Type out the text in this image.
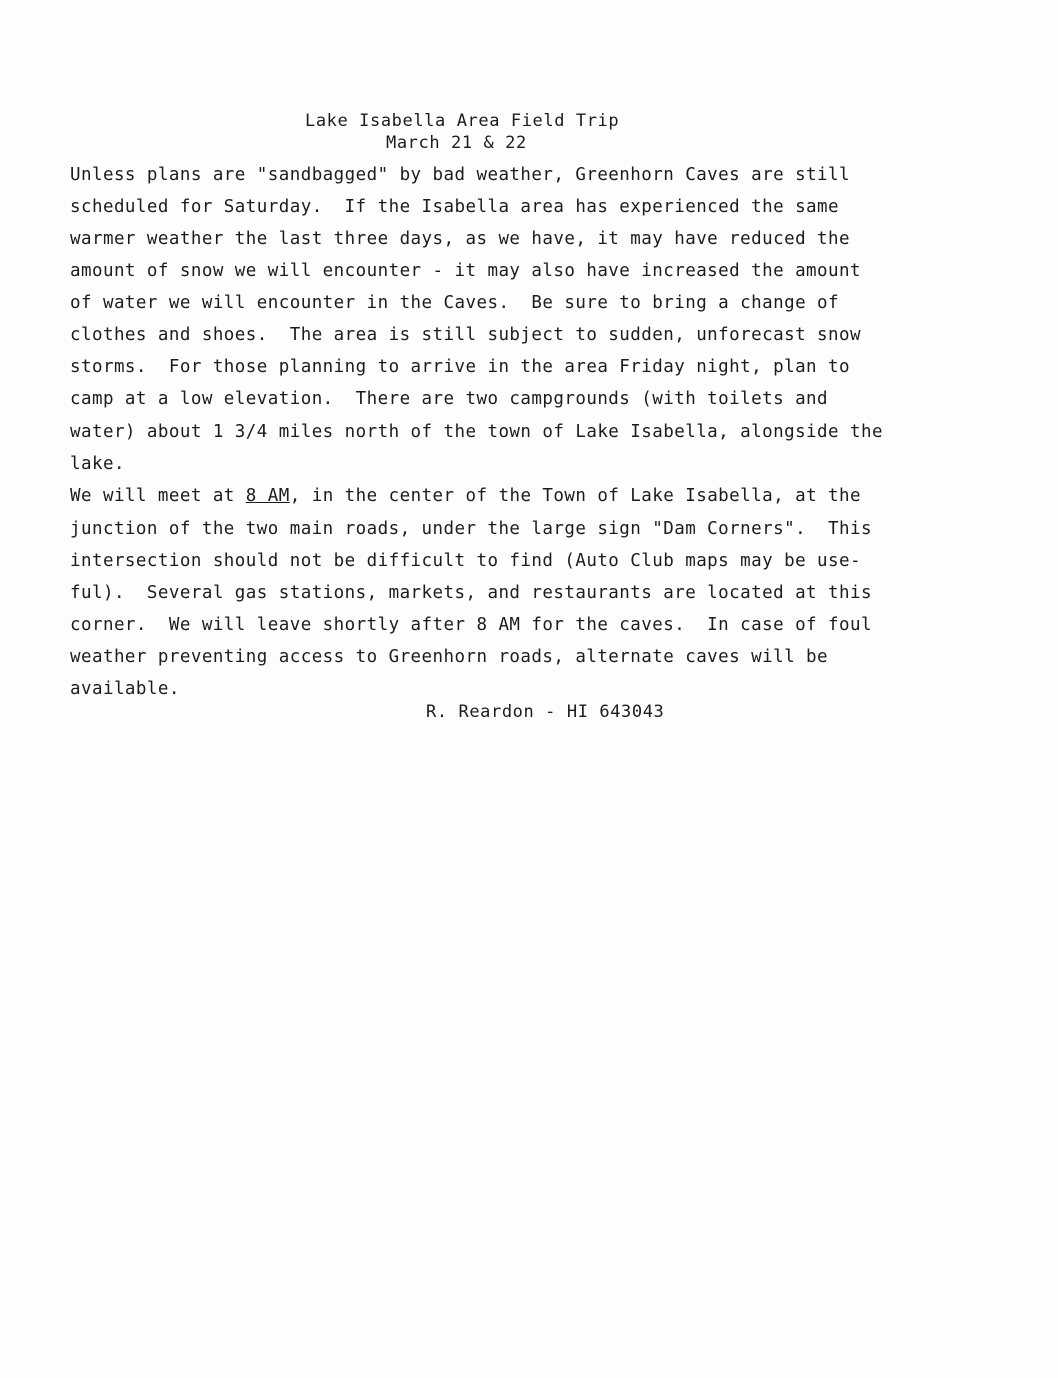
Lake Isabella Area Field Trip
March 21 & 22
Unless plans are "sandbagged" by bad weather, Greenhorn Caves are still
scheduled for Saturday.  If the Isabella area has experienced the same
warmer weather the last three days, as we have, it may have reduced the
amount of snow we will encounter - it may also have increased the amount
of water we will encounter in the Caves.  Be sure to bring a change of
clothes and shoes.  The area is still subject to sudden, unforecast snow
storms.  For those planning to arrive in the area Friday night, plan to
camp at a low elevation.  There are two campgrounds (with toilets and
water) about 1 3/4 miles north of the town of Lake Isabella, alongside the
lake.
We will meet at 8 AM, in the center of the Town of Lake Isabella, at the
junction of the two main roads, under the large sign "Dam Corners".  This
intersection should not be difficult to find (Auto Club maps may be use-
ful).  Several gas stations, markets, and restaurants are located at this
corner.  We will leave shortly after 8 AM for the caves.  In case of foul
weather preventing access to Greenhorn roads, alternate caves will be
available.
R. Reardon - HI 643043
